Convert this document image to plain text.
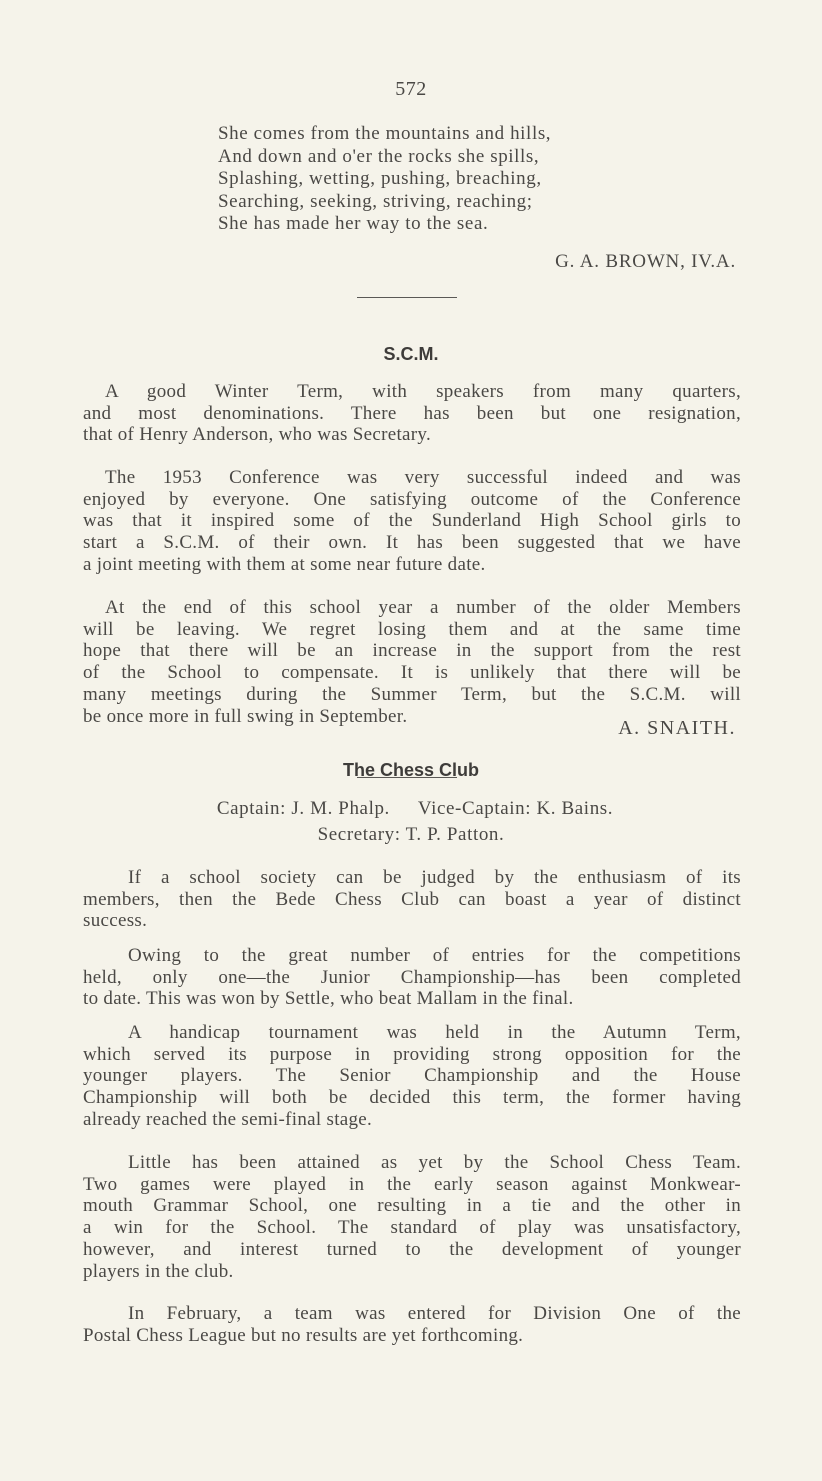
572
She comes from the mountains and hills,
And down and o'er the rocks she spills,
Splashing, wetting, pushing, breaching,
Searching, seeking, striving, reaching;
She has made her way to the sea.
G. A. BROWN, IV.A.
S.C.M.
A good Winter Term, with speakers from many quarters,
and most denominations. There has been but one resignation,
that of Henry Anderson, who was Secretary.
The 1953 Conference was very successful indeed and was
enjoyed by everyone. One satisfying outcome of the Conference
was that it inspired some of the Sunderland High School girls to
start a S.C.M. of their own. It has been suggested that we have
a joint meeting with them at some near future date.
At the end of this school year a number of the older Members
will be leaving. We regret losing them and at the same time
hope that there will be an increase in the support from the rest
of the School to compensate. It is unlikely that there will be
many meetings during the Summer Term, but the S.C.M. will
be once more in full swing in September.
A. SNAITH.
The Chess Club
Captain: J. M. Phalp. Vice-Captain: K. Bains.
Secretary: T. P. Patton.
If a school society can be judged by the enthusiasm of its
members, then the Bede Chess Club can boast a year of distinct
success.
Owing to the great number of entries for the competitions
held, only one—the Junior Championship—has been completed
to date. This was won by Settle, who beat Mallam in the final.
A handicap tournament was held in the Autumn Term,
which served its purpose in providing strong opposition for the
younger players. The Senior Championship and the House
Championship will both be decided this term, the former having
already reached the semi-final stage.
Little has been attained as yet by the School Chess Team.
Two games were played in the early season against Monkwear-
mouth Grammar School, one resulting in a tie and the other in
a win for the School. The standard of play was unsatisfactory,
however, and interest turned to the development of younger
players in the club.
In February, a team was entered for Division One of the
Postal Chess League but no results are yet forthcoming.
